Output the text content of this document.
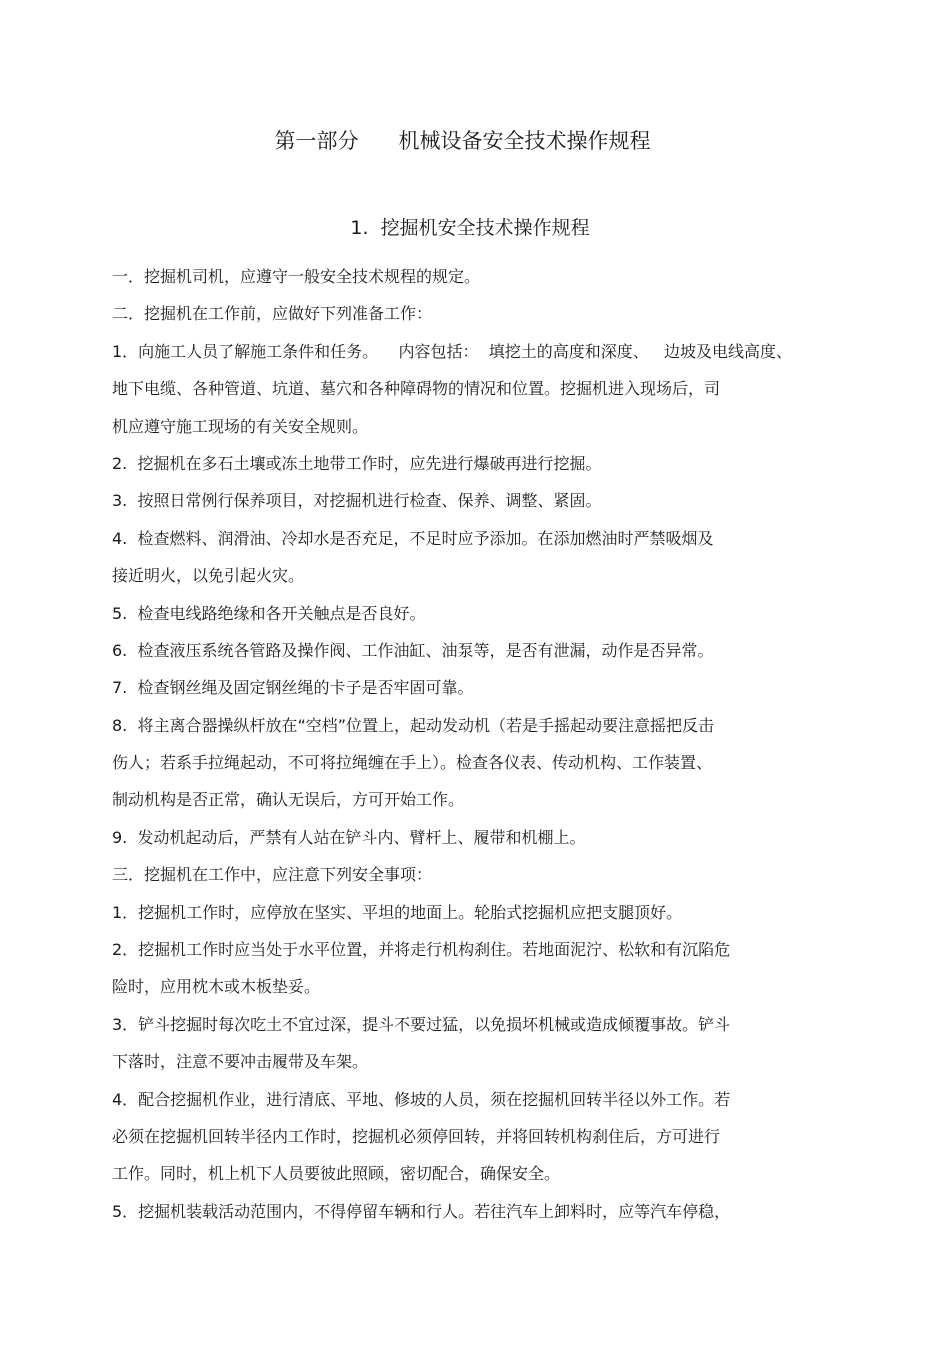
第一部分      机械设备安全技术操作规程
1.  挖掘机安全技术操作规程
一．挖掘机司机，应遵守一般安全技术规程的规定。
二．挖掘机在工作前，应做好下列准备工作：
1．向施工人员了解施工条件和任务。    内容包括：  填挖土的高度和深度、   边坡及电线高度、
地下电缆、各种管道、坑道、墓穴和各种障碍物的情况和位置。挖掘机进入现场后，司
机应遵守施工现场的有关安全规则。
2.  挖掘机在多石土壤或冻土地带工作时，应先进行爆破再进行挖掘。
3.  按照日常例行保养项目，对挖掘机进行检查、保养、调整、紧固。
4.  检查燃料、润滑油、冷却水是否充足，不足时应予添加。在添加燃油时严禁吸烟及
接近明火，以免引起火灾。
5.  检查电线路绝缘和各开关触点是否良好。
6.  检查液压系统各管路及操作阀、工作油缸、油泵等，是否有泄漏，动作是否异常。
7.  检查钢丝绳及固定钢丝绳的卡子是否牢固可靠。
8.  将主离合器操纵杆放在“空档”位置上，起动发动机（若是手摇起动要注意摇把反击
伤人；若系手拉绳起动，不可将拉绳缠在手上）。检查各仪表、传动机构、工作装置、
制动机构是否正常，确认无误后，方可开始工作。
9.  发动机起动后，严禁有人站在铲斗内、臂杆上、履带和机棚上。
三．挖掘机在工作中，应注意下列安全事项：
1．挖掘机工作时，应停放在坚实、平坦的地面上。轮胎式挖掘机应把支腿顶好。
2．挖掘机工作时应当处于水平位置，并将走行机构刹住。若地面泥泞、松软和有沉陷危
险时，应用枕木或木板垫妥。
3．铲斗挖掘时每次吃土不宜过深，提斗不要过猛，以免损坏机械或造成倾覆事故。铲斗
下落时，注意不要冲击履带及车架。
4．配合挖掘机作业，进行清底、平地、修坡的人员，须在挖掘机回转半径以外工作。若
必须在挖掘机回转半径内工作时，挖掘机必须停回转，并将回转机构刹住后，方可进行
工作。同时，机上机下人员要彼此照顾，密切配合，确保安全。
5．挖掘机装载活动范围内，不得停留车辆和行人。若往汽车上卸料时，应等汽车停稳，
